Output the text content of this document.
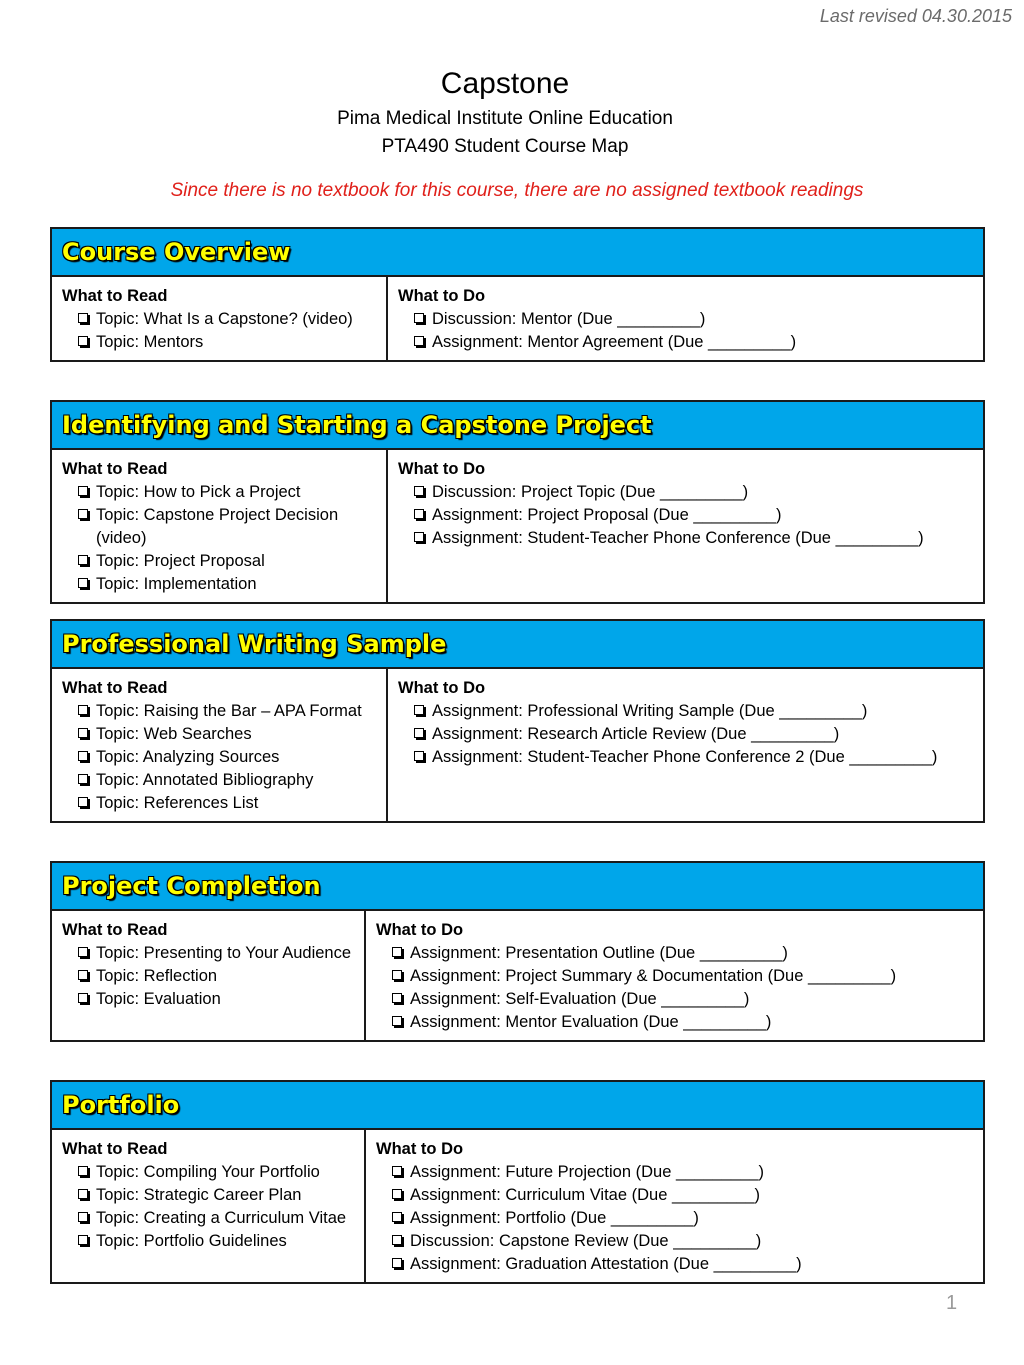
Last revised 04.30.2015
Capstone
Pima Medical Institute Online Education
PTA490 Student Course Map
Since there is no textbook for this course, there are no assigned textbook readings
Course Overview
What to Read
Topic: What Is a Capstone? (video)
Topic: Mentors
What to Do
Discussion: Mentor (Due _________)
Assignment: Mentor Agreement (Due _________)
Identifying and Starting a Capstone Project
What to Read
Topic: How to Pick a Project
Topic: Capstone Project Decision (video)
Topic: Project Proposal
Topic: Implementation
What to Do
Discussion: Project Topic (Due _________)
Assignment: Project Proposal (Due _________)
Assignment: Student-Teacher Phone Conference (Due _________)
Professional Writing Sample
What to Read
Topic: Raising the Bar – APA Format
Topic: Web Searches
Topic: Analyzing Sources
Topic: Annotated Bibliography
Topic: References List
What to Do
Assignment: Professional Writing Sample (Due _________)
Assignment: Research Article Review (Due _________)
Assignment: Student-Teacher Phone Conference 2 (Due _________)
Project Completion
What to Read
Topic: Presenting to Your Audience
Topic: Reflection
Topic: Evaluation
What to Do
Assignment: Presentation Outline (Due _________)
Assignment: Project Summary & Documentation (Due _________)
Assignment: Self-Evaluation (Due _________)
Assignment: Mentor Evaluation (Due _________)
Portfolio
What to Read
Topic: Compiling Your Portfolio
Topic: Strategic Career Plan
Topic: Creating a Curriculum Vitae
Topic: Portfolio Guidelines
What to Do
Assignment: Future Projection (Due _________)
Assignment: Curriculum Vitae (Due _________)
Assignment: Portfolio (Due _________)
Discussion: Capstone Review (Due _________)
Assignment: Graduation Attestation (Due _________)
1
